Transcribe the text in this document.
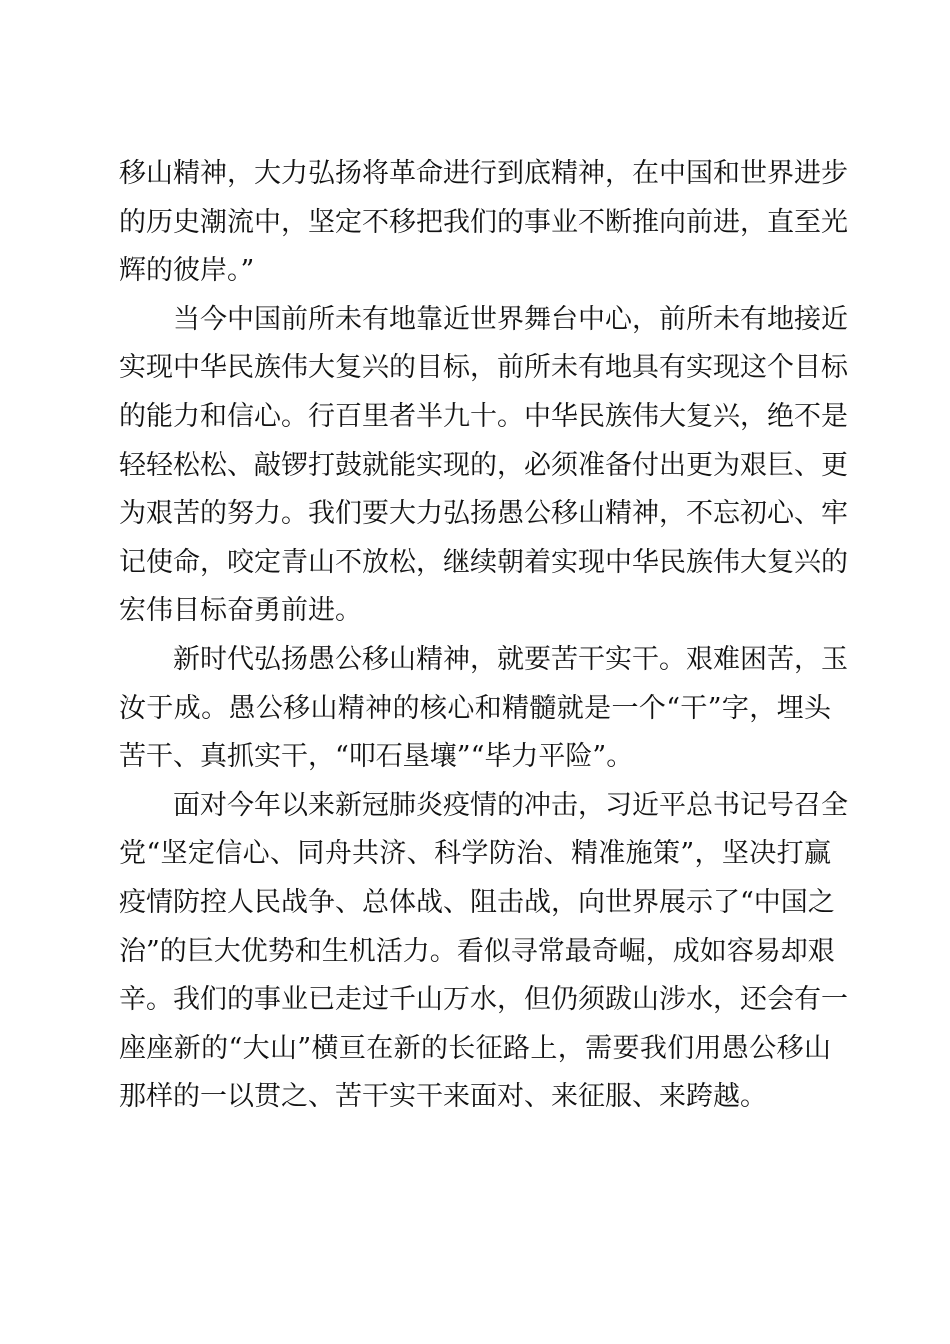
移山精神，大力弘扬将革命进行到底精神，在中国和世界进步
的历史潮流中，坚定不移把我们的事业不断推向前进，直至光
辉的彼岸。”
当今中国前所未有地靠近世界舞台中心，前所未有地接近
实现中华民族伟大复兴的目标，前所未有地具有实现这个目标
的能力和信心。行百里者半九十。中华民族伟大复兴，绝不是
轻轻松松、敲锣打鼓就能实现的，必须准备付出更为艰巨、更
为艰苦的努力。我们要大力弘扬愚公移山精神，不忘初心、牢
记使命，咬定青山不放松，继续朝着实现中华民族伟大复兴的
宏伟目标奋勇前进。
新时代弘扬愚公移山精神，就要苦干实干。艰难困苦，玉
汝于成。愚公移山精神的核心和精髓就是一个“干”字，埋头
苦干、真抓实干，“叩石垦壤”“毕力平险”。
面对今年以来新冠肺炎疫情的冲击，习近平总书记号召全
党“坚定信心、同舟共济、科学防治、精准施策”，坚决打赢
疫情防控人民战争、总体战、阻击战，向世界展示了“中国之
治”的巨大优势和生机活力。看似寻常最奇崛，成如容易却艰
辛。我们的事业已走过千山万水，但仍须跋山涉水，还会有一
座座新的“大山”横亘在新的长征路上，需要我们用愚公移山
那样的一以贯之、苦干实干来面对、来征服、来跨越。
